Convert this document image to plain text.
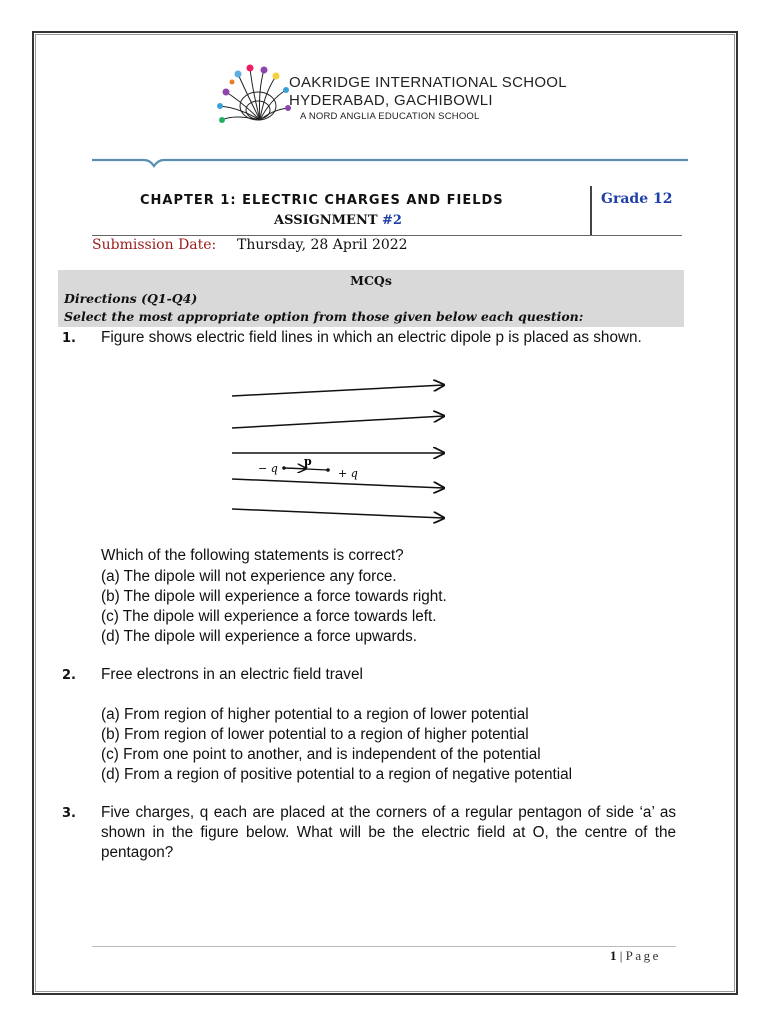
OAKRIDGE INTERNATIONAL SCHOOL
HYDERABAD, GACHIBOWLI
A NORD ANGLIA EDUCATION SCHOOL
CHAPTER 1: ELECTRIC CHARGES AND FIELDS
ASSIGNMENT #2
Grade 12
Submission Date: Thursday, 28 April 2022
MCQs
Directions (Q1-Q4)
Select the most appropriate option from those given below each question:
1. Figure shows electric field lines in which an electric dipole p is placed as shown.
p
− q	+ q
Which of the following statements is correct?
(a) The dipole will not experience any force.
(b) The dipole will experience a force towards right.
(c) The dipole will experience a force towards left.
(d) The dipole will experience a force upwards.
2. Free electrons in an electric field travel
(a) From region of higher potential to a region of lower potential
(b) From region of lower potential to a region of higher potential
(c) From one point to another, and is independent of the potential
(d) From a region of positive potential to a region of negative potential
3. Five charges, q each are placed at the corners of a regular pentagon of side ‘a’ as shown in the figure below. What will be the electric field at O, the centre of the pentagon?
1 | Page
